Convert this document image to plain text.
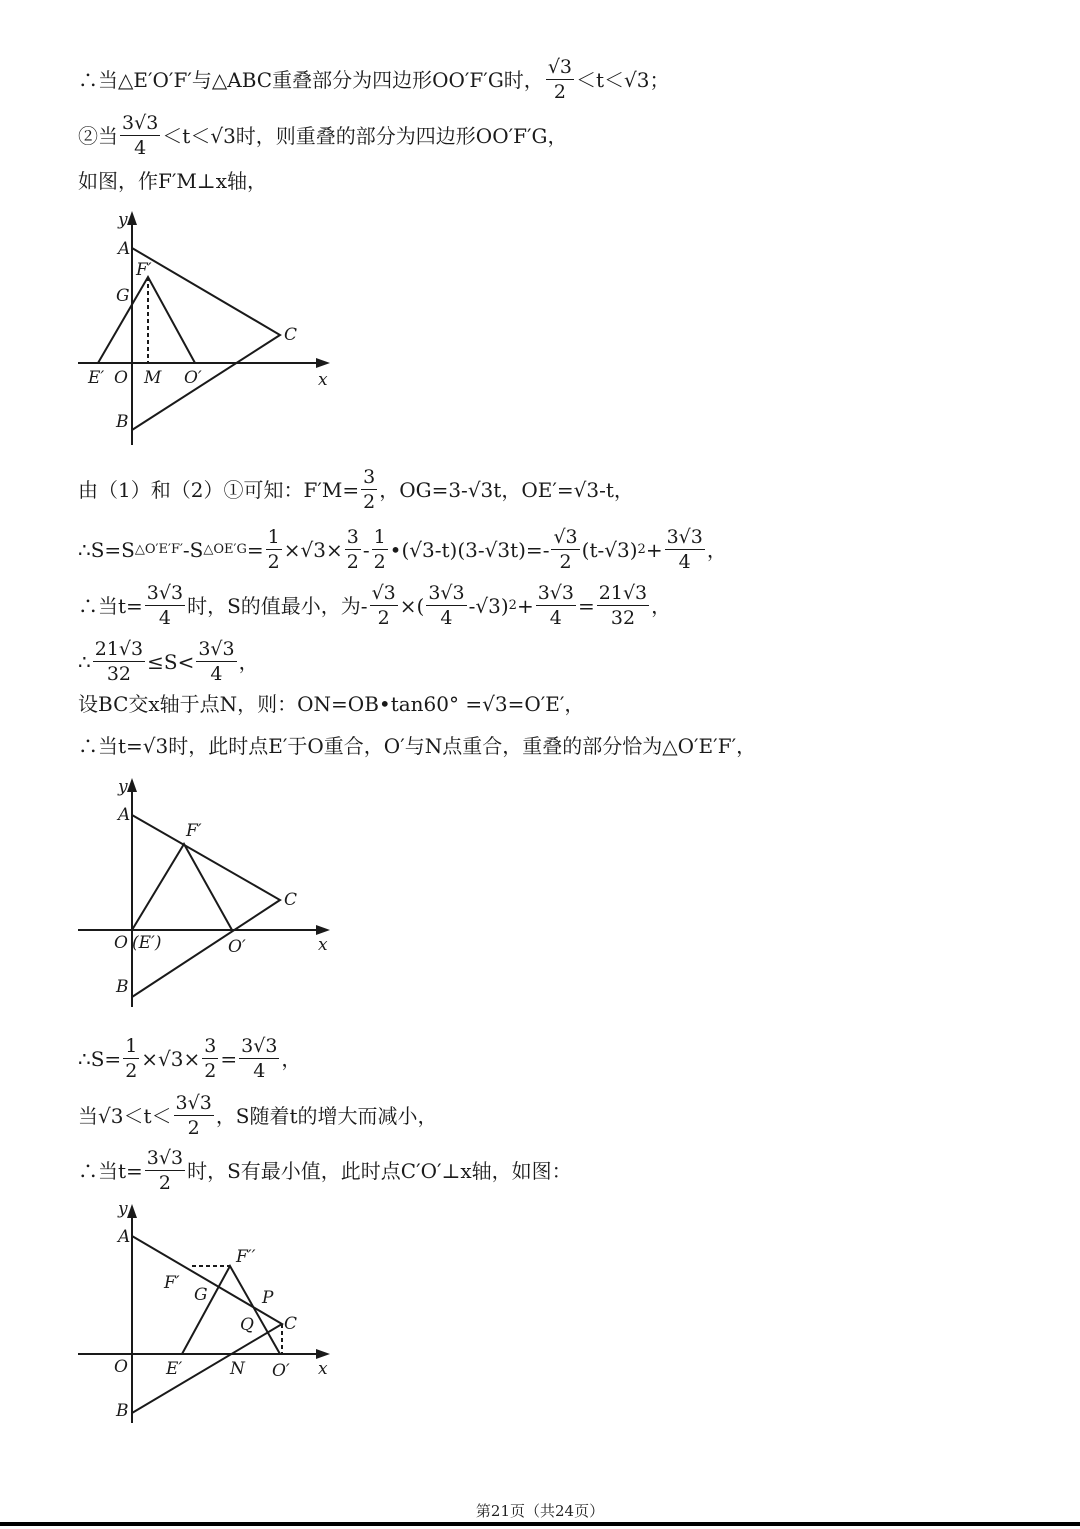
∴当△E′O′F′与△ABC重叠部分为四边形OO′F′G时， $\frac{√3}{2} <t<√3$；
②当 $\frac{3√3}{4} <t<√3$时，则重叠的部分为四边形OO′F′G，
如图，作F′M⊥x轴，
y
A
F′
G
C
E′ O M O′	x
B
由（1）和（2）①可知：$F'M= \frac{3}{2}$ ，OG=3-√3t，OE′=√3-t，
∴S=S △O′E′F′ -S △OE′G = $\frac{1}{2} \times√3\times \frac{3}{2} - \frac{1}{2}$ •(√3-t)(3-√3t)=- $\frac{√3}{2} (t-√3) 2 + \frac{3√3}{4}$ ，
∴当$t= \frac{3√3}{4}$ 时，S的值最小，为- $\frac{√3}{2}$ ×( $\frac{3√3}{4} -√3$) $2 + \frac{3√3}{4} = \frac{21√3}{32}$ ，
∴ $\frac{21√3}{32} \le S< \frac{3√3}{4}$ ，
设BC交x轴于点N，则：ON=OB•tan60° =√3=O′E′，
∴当t=√3时，此时点E′于O重合，O′与N点重合，重叠的部分恰为△O′E′F′，
y
A
F′
C
O (E′)	O′	x
B
∴S= $\frac{1}{2} \times√3\times \frac{3}{2} = \frac{3√3}{4}$ ，
当$√3<t< \frac{3√3}{2}$ ，S随着t的增大而减小，
∴当$t= \frac{3√3}{2}$ 时，S有最小值，此时点C′O′⊥x轴，如图：
y
A
F′′
F′
G	P
Q C
O E′	N O′ x
B
第21页（共24页）
